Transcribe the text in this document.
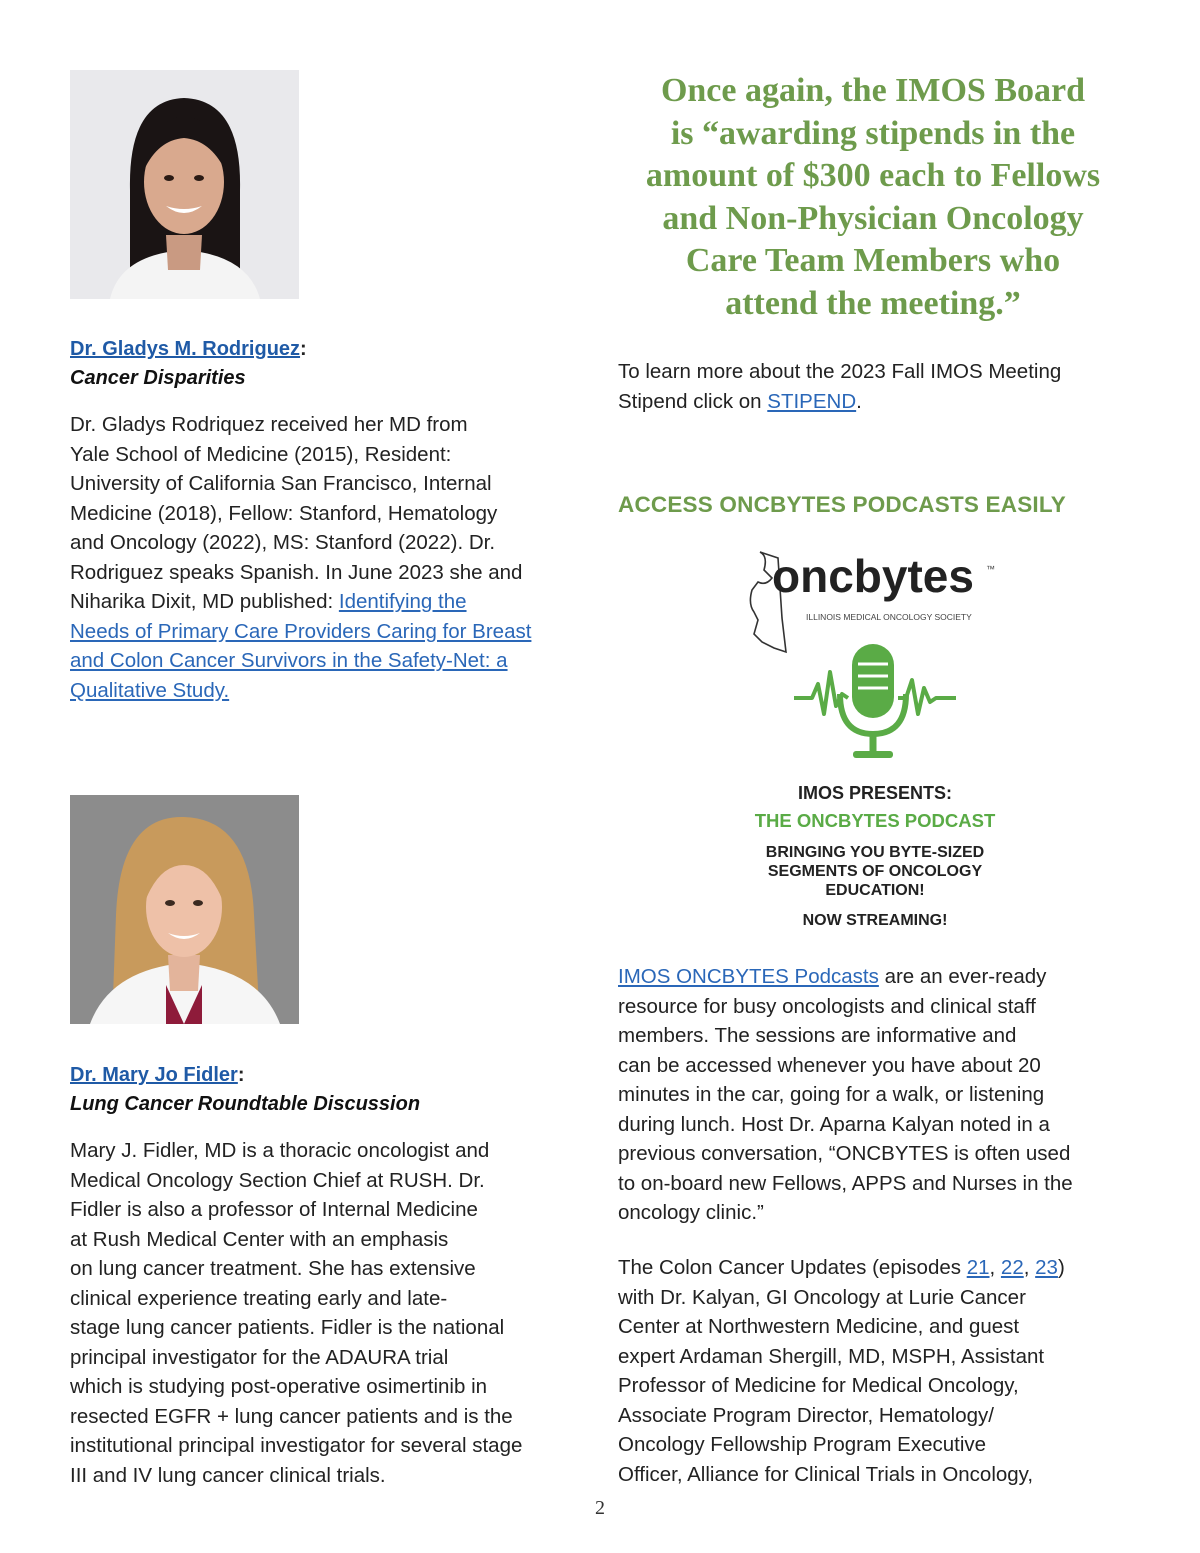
Dr. Gladys M. Rodriguez:
Cancer Disparities
Dr. Gladys Rodriquez received her MD from
Yale School of Medicine (2015), Resident:
University of California San Francisco, Internal
Medicine (2018), Fellow: Stanford, Hematology
and Oncology (2022), MS: Stanford (2022). Dr.
Rodriguez speaks Spanish. In June 2023 she and
Niharika Dixit, MD published: Identifying the
Needs of Primary Care Providers Caring for Breast
and Colon Cancer Survivors in the Safety-Net: a
Qualitative Study.
Dr. Mary Jo Fidler:
Lung Cancer Roundtable Discussion
Mary J. Fidler, MD is a thoracic oncologist and
Medical Oncology Section Chief at RUSH. Dr.
Fidler is also a professor of Internal Medicine
at Rush Medical Center with an emphasis
on lung cancer treatment. She has extensive
clinical experience treating early and late-
stage lung cancer patients. Fidler is the national
principal investigator for the ADAURA trial
which is studying post-operative osimertinib in
resected EGFR + lung cancer patients and is the
institutional principal investigator for several stage
III and IV lung cancer clinical trials.
Once again, the IMOS Board
is “awarding stipends in the
amount of $300 each to Fellows
and Non-Physician Oncology
Care Team Members who
attend the meeting.”
To learn more about the 2023 Fall IMOS Meeting
Stipend click on STIPEND.
ACCESS ONCBYTES PODCASTS EASILY
oncbytes ™
ILLINOIS MEDICAL ONCOLOGY SOCIETY
IMOS PRESENTS:
THE ONCBYTES PODCAST
BRINGING YOU BYTE-SIZED
SEGMENTS OF ONCOLOGY
EDUCATION!
NOW STREAMING!
IMOS ONCBYTES Podcasts are an ever-ready
resource for busy oncologists and clinical staff
members. The sessions are informative and
can be accessed whenever you have about 20
minutes in the car, going for a walk, or listening
during lunch. Host Dr. Aparna Kalyan noted in a
previous conversation, “ONCBYTES is often used
to on-board new Fellows, APPS and Nurses in the
oncology clinic.”
The Colon Cancer Updates (episodes 21, 22, 23)
with Dr. Kalyan, GI Oncology at Lurie Cancer
Center at Northwestern Medicine, and guest
expert Ardaman Shergill, MD, MSPH, Assistant
Professor of Medicine for Medical Oncology,
Associate Program Director, Hematology/
Oncology Fellowship Program Executive
Officer, Alliance for Clinical Trials in Oncology,
2
